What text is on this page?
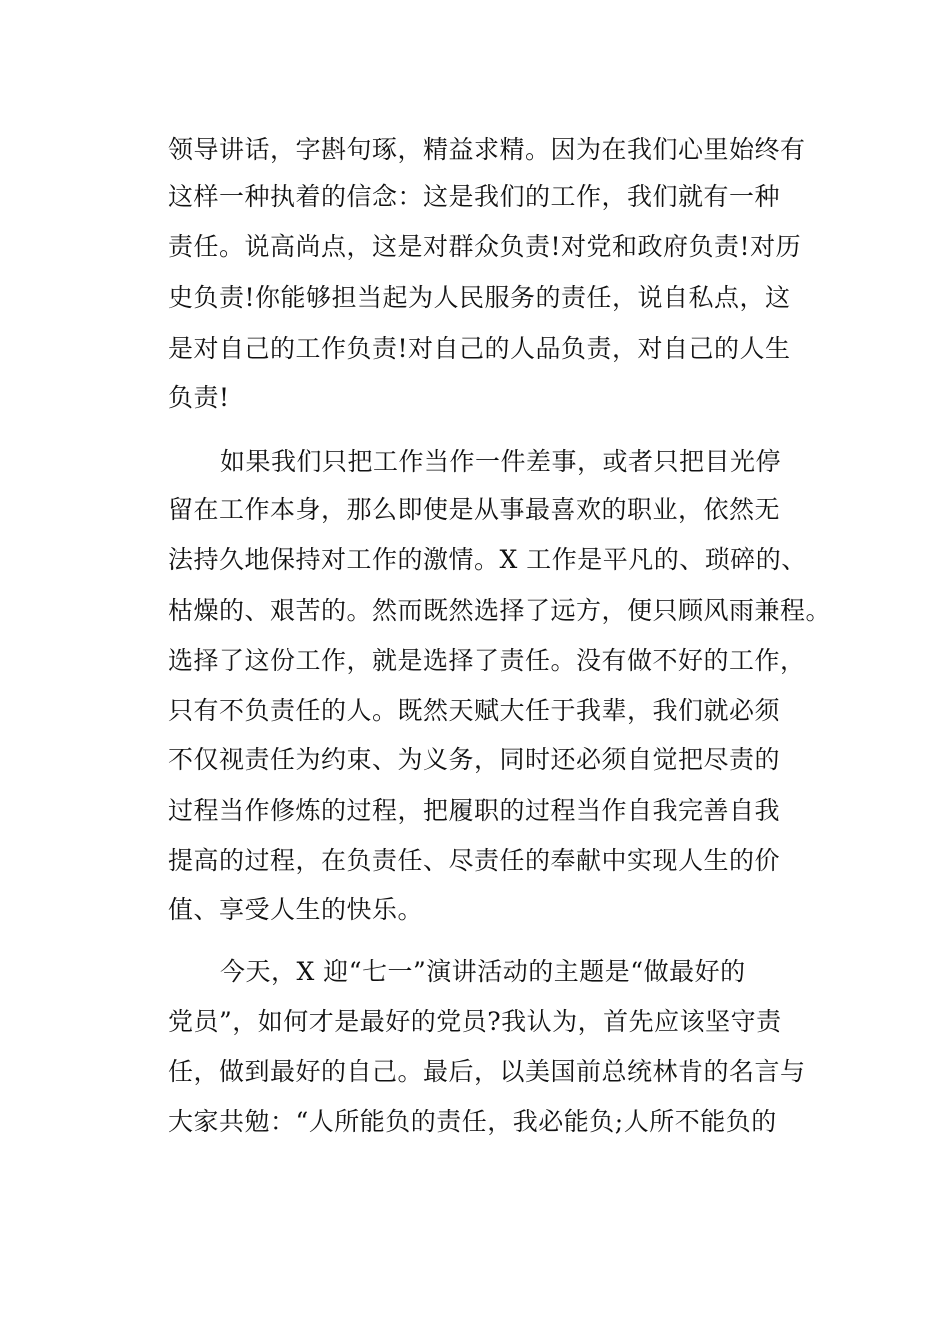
领导讲话，字斟句琢，精益求精。因为在我们心里始终有
这样一种执着的信念：这是我们的工作，我们就有一种
责任。说高尚点，这是对群众负责!对党和政府负责!对历
史负责!你能够担当起为人民服务的责任，说自私点，这
是对自己的工作负责!对自己的人品负责，对自己的人生
负责!
如果我们只把工作当作一件差事，或者只把目光停
留在工作本身，那么即使是从事最喜欢的职业，依然无
法持久地保持对工作的激情。X 工作是平凡的、琐碎的、
枯燥的、艰苦的。然而既然选择了远方，便只顾风雨兼程。
选择了这份工作，就是选择了责任。没有做不好的工作，
只有不负责任的人。既然天赋大任于我辈，我们就必须
不仅视责任为约束、为义务，同时还必须自觉把尽责的
过程当作修炼的过程，把履职的过程当作自我完善自我
提高的过程，在负责任、尽责任的奉献中实现人生的价
值、享受人生的快乐。
今天，X 迎“七一”演讲活动的主题是“做最好的
党员”，如何才是最好的党员?我认为，首先应该坚守责
任，做到最好的自己。最后，以美国前总统林肯的名言与
大家共勉：“人所能负的责任，我必能负;人所不能负的
